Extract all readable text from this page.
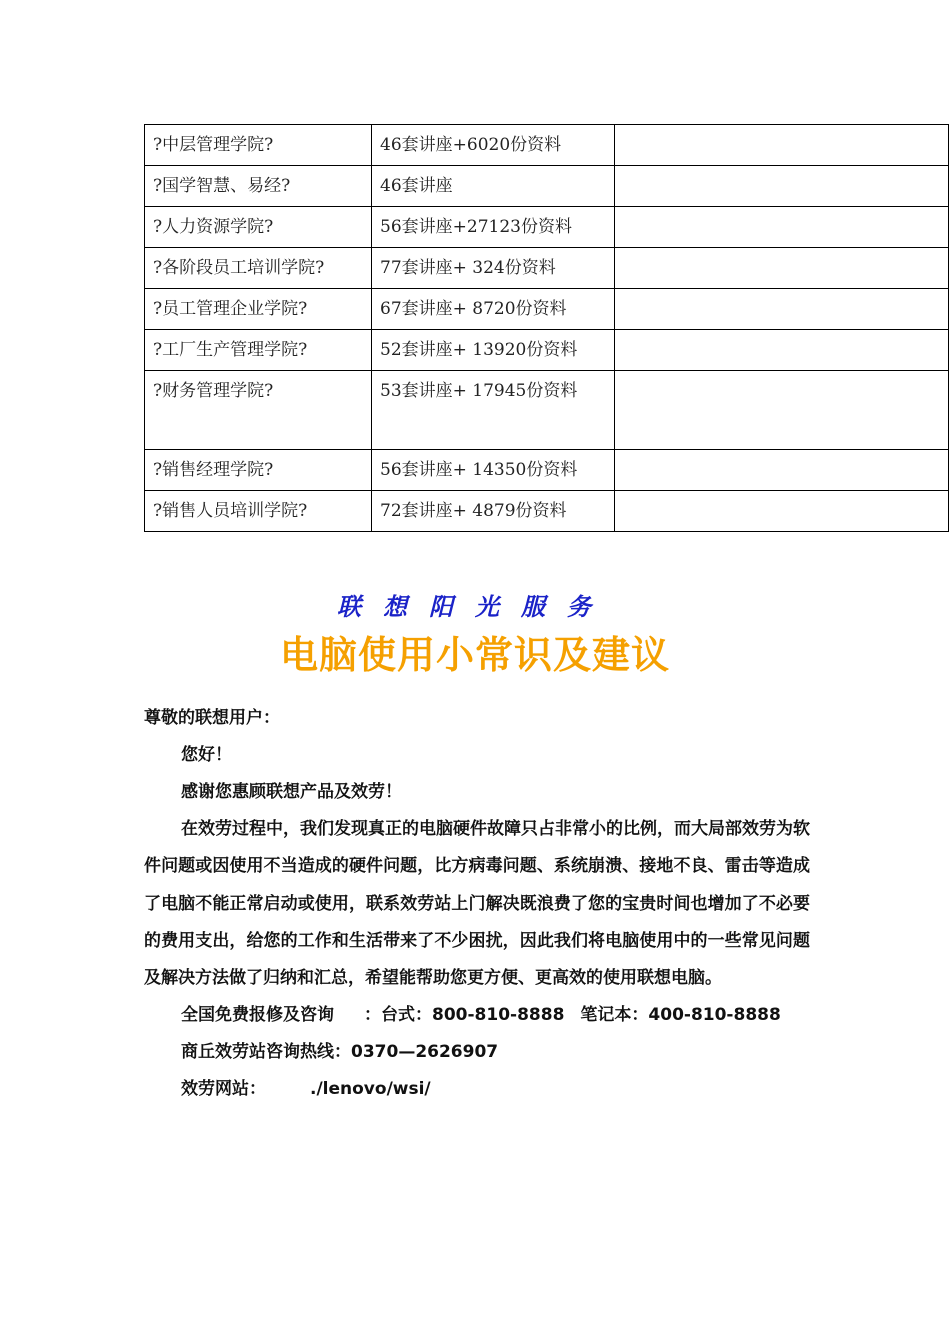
?中层管理学院?	46套讲座+6020份资料	
?国学智慧、易经?	46套讲座	
?人力资源学院?	56套讲座+27123份资料	
?各阶段员工培训学院?	77套讲座+ 324份资料	
?员工管理企业学院?	67套讲座+ 8720份资料	
?工厂生产管理学院?	52套讲座+ 13920份资料	
?财务管理学院?	53套讲座+ 17945份资料	
?销售经理学院?	56套讲座+ 14350份资料	
?销售人员培训学院?	72套讲座+ 4879份资料	
联想阳光服务
电脑使用小常识及建议

尊敬的联想用户：

您好！

感谢您惠顾联想产品及效劳！

在效劳过程中，我们发现真正的电脑硬件故障只占非常小的比例，而大局部效劳为软件问题或因使用不当造成的硬件问题，比方病毒问题、系统崩溃、接地不良、雷击等造成了电脑不能正常启动或使用，联系效劳站上门解决既浪费了您的宝贵时间也增加了不必要的费用支出，给您的工作和生活带来了不少困扰，因此我们将电脑使用中的一些常见问题及解决方法做了归纳和汇总，希望能帮助您更方便、更高效的使用联想电脑。

全国免费报修及咨询 ：台式：800-810-8888 笔记本：400-810-8888

商丘效劳站咨询热线：0370—2626907

效劳网站：	./lenovo/wsi/
